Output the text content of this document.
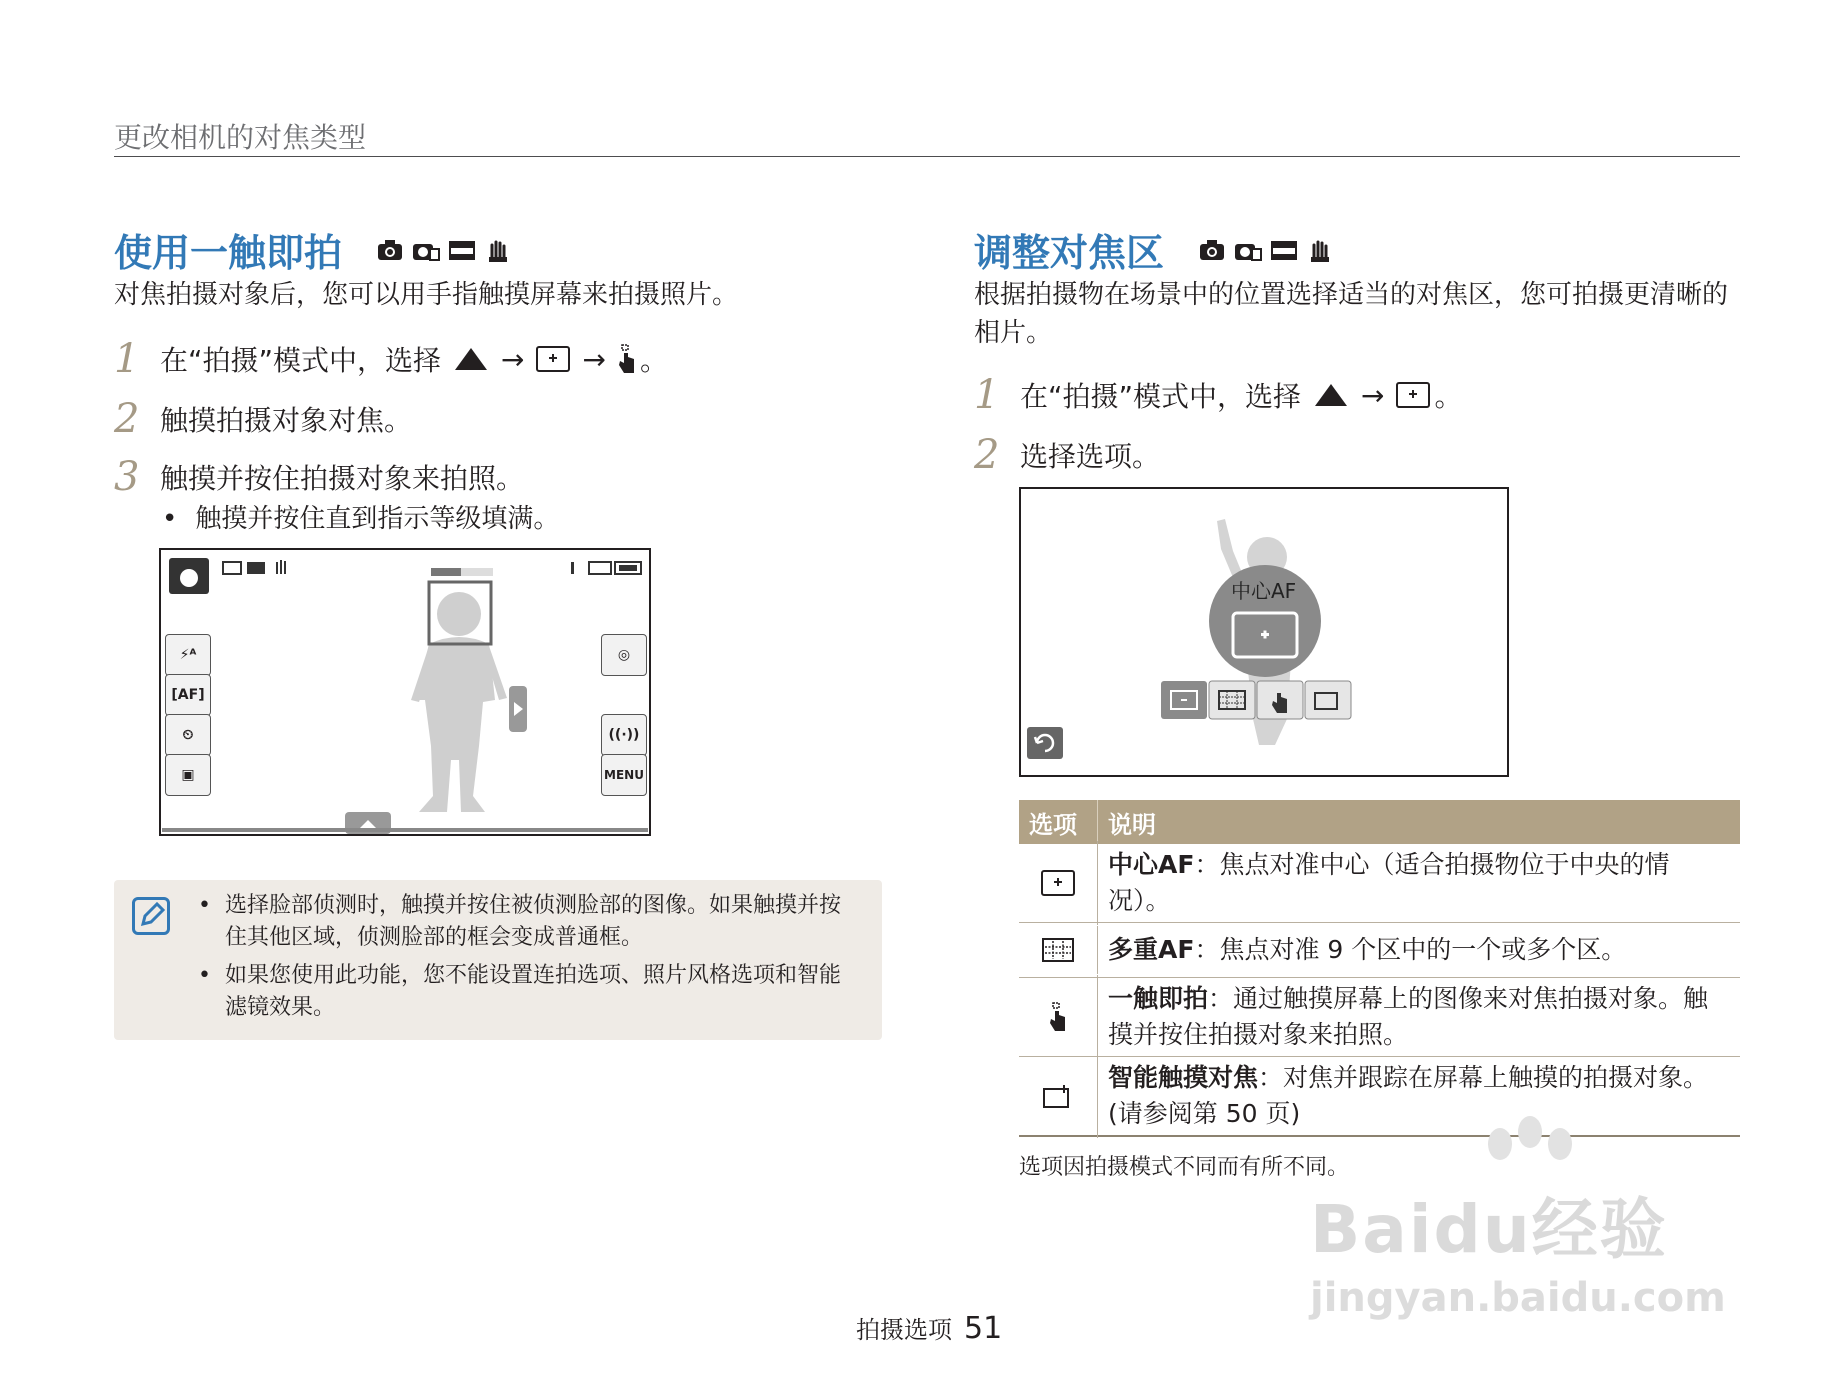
更改相机的对焦类型
使用一触即拍
对焦拍摄对象后，您可以用手指触摸屏幕来拍摄照片。
1 在“拍摄”模式中，选择 → → 。
2 触摸拍摄对象对焦。
3 触摸并按住拍摄对象来拍照。
• 触摸并按住直到指示等级填满。
⚡ᴬ
[AF]
⏲
▣
◎
((·))
MENU
• 选择脸部侦测时，触摸并按住被侦测脸部的图像。如果触摸并按住其他区域，侦测脸部的框会变成普通框。
• 如果您使用此功能，您不能设置连拍选项、照片风格选项和智能滤镜效果。
调整对焦区
根据拍摄物在场景中的位置选择适当的对焦区，您可拍摄更清晰的相片。
1 在“拍摄”模式中，选择 → 。
2 选择选项。
中心AF
选项	说明
中心AF：焦点对准中心（适合拍摄物位于中央的情况）。
多重AF：焦点对准 9 个区中的一个或多个区。
一触即拍：通过触摸屏幕上的图像来对焦拍摄对象。触摸并按住拍摄对象来拍照。
智能触摸对焦：对焦并跟踪在屏幕上触摸的拍摄对象。(请参阅第 50 页)
选项因拍摄模式不同而有所不同。
拍摄选项 51
Baidu经验
jingyan.baidu.com
